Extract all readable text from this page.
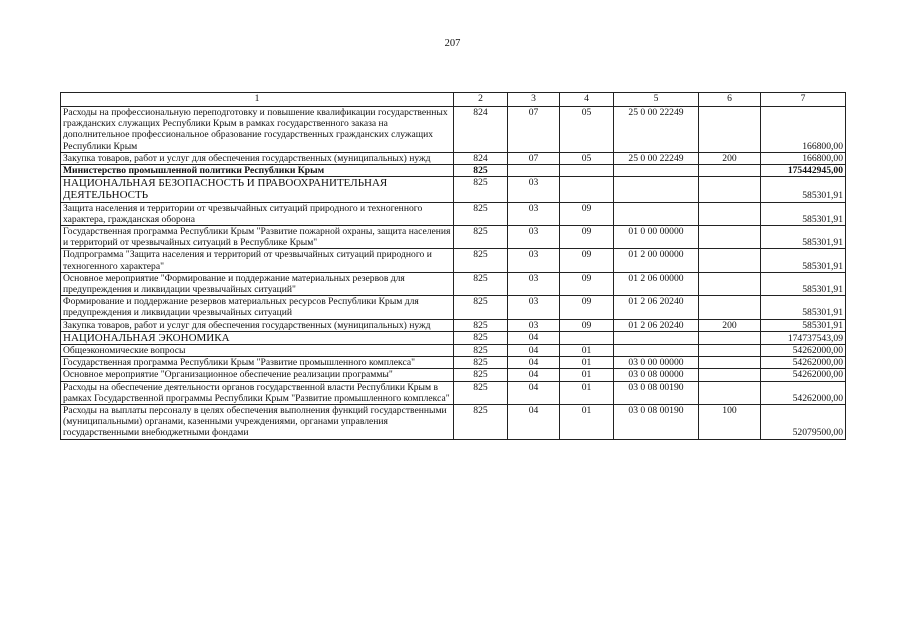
207
1	2	3	4	5	6	7
Расходы на профессиональную переподготовку и повышение квалификации государственных гражданских служащих Республики Крым в рамках государственного заказа на дополнительное профессиональное образование государственных гражданских служащих Республики Крым	824	07	05	25 0 00 22249		166800,00
Закупка товаров, работ и услуг для обеспечения государственных (муниципальных) нужд	824	07	05	25 0 00 22249	200	166800,00
Министерство промышленной политики Республики Крым	825					175442945,00
НАЦИОНАЛЬНАЯ БЕЗОПАСНОСТЬ И ПРАВООХРАНИТЕЛЬНАЯ ДЕЯТЕЛЬНОСТЬ	825	03				585301,91
Защита населения и территории от чрезвычайных ситуаций природного и техногенного характера, гражданская оборона	825	03	09			585301,91
Государственная программа Республики Крым "Развитие пожарной охраны, защита населения и территорий от чрезвычайных ситуаций в Республике Крым"	825	03	09	01 0 00 00000		585301,91
Подпрограмма "Защита населения и территорий от чрезвычайных ситуаций природного и техногенного характера"	825	03	09	01 2 00 00000		585301,91
Основное мероприятие "Формирование и поддержание материальных резервов для предупреждения и ликвидации чрезвычайных ситуаций"	825	03	09	01 2 06 00000		585301,91
Формирование и поддержание резервов материальных ресурсов Республики Крым для предупреждения и ликвидации чрезвычайных ситуаций	825	03	09	01 2 06 20240		585301,91
Закупка товаров, работ и услуг для обеспечения государственных (муниципальных) нужд	825	03	09	01 2 06 20240	200	585301,91
НАЦИОНАЛЬНАЯ ЭКОНОМИКА	825	04				174737543,09
Общеэкономические вопросы	825	04	01			54262000,00
Государственная программа Республики Крым "Развитие промышленного комплекса"	825	04	01	03 0 00 00000		54262000,00
Основное мероприятие "Организационное обеспечение реализации программы"	825	04	01	03 0 08 00000		54262000,00
Расходы на обеспечение деятельности органов государственной власти Республики Крым в рамках Государственной программы Республики Крым "Развитие промышленного комплекса"	825	04	01	03 0 08 00190		54262000,00
Расходы на выплаты персоналу в целях обеспечения выполнения функций государственными (муниципальными) органами, казенными учреждениями, органами управления государственными внебюджетными фондами	825	04	01	03 0 08 00190	100	52079500,00
